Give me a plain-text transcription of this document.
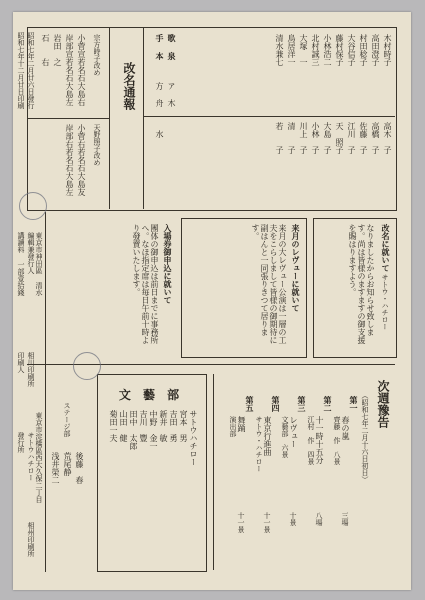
改名通報
手 本 歌 泉
方 舟 ア 木
水
小菅宣若名石大島右
岸部宣若名石大島左
岩田　之
石　　右	宗方時子改め
小菅右若名石大島友
岸部右若名石大島左	天野照子改め
改名に就いて
サトウ・ハチロー
なりましたからお知らせ致します。尚は皆様のますますの御支援を賜はりますよう。
来月のレヴューに就いて
来月の大レヴュー公演は一層の工夫をこらしまして皆様の御期待に副はんと一同張りきつて居ります。
入場券御申込に就いて
團体の御申込は前日までに事務所へ。なほ指定席は毎日午前十時より發賣いたします。
昭和七年十二月廿日印刷 昭和七年二月廿六日發行
講讀料 一部壹拾錢 編輯兼發行人
清水
東京市神田區
印刷人 相川印刷所
發行所 サトウハチロー 東京市淀橋區西大久保二丁目
相州印刷所
文 藝 部
ステージ部
後藤　春
荒尾静
浅井榮二
次週豫告
（昭和七年二月十六日初日）
木村時子
高田澄子
村田稔子
大谷信子
藤村保子
小林浩二
北村誠三
大塚　一
鳥居洋一
清水兼七
高木　子
高橋　子
佐藤　子
江川　子
天　照子
大島　子
小林　子
川上　子
清　　子
若　　子
サトウハチロー
宮本　男
吉田　勇
新井　敏
中野　金一
吉川　豐
田中　太郎
山田　健
菊田一夫
第一
春の嵐
齊藤　作　八景
三場
第二
十一時十五分
江村　作　四景
八場
第三
レヴュー
文藝部　六景
十景
第四
東京行進曲
サトウ・ハチロー
十一景
第五
舞踊
演出部
十一景
